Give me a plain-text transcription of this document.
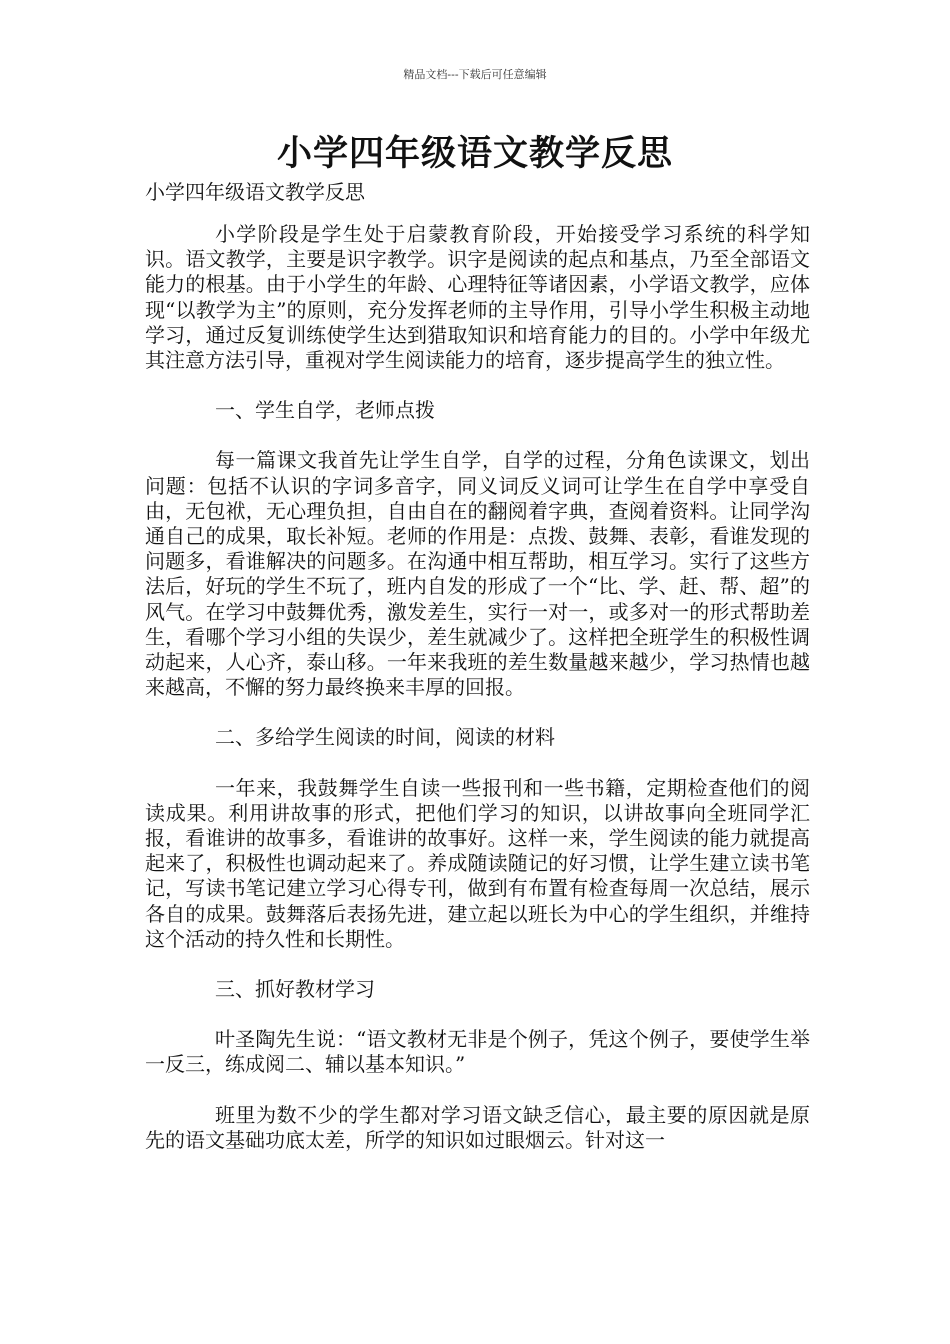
精品文档---下载后可任意编辑
小学四年级语文教学反思

小学四年级语文教学反思

小学阶段是学生处于启蒙教育阶段，开始接受学习系统的科学知识。语文教学，主要是识字教学。识字是阅读的起点和基点，乃至全部语文能力的根基。由于小学生的年龄、心理特征等诸因素，小学语文教学，应体现“以教学为主”的原则，充分发挥老师的主导作用，引导小学生积极主动地学习，通过反复训练使学生达到猎取知识和培育能力的目的。小学中年级尤其注意方法引导，重视对学生阅读能力的培育，逐步提高学生的独立性。

一、学生自学，老师点拨

每一篇课文我首先让学生自学，自学的过程，分角色读课文，划出问题：包括不认识的字词多音字，同义词反义词可让学生在自学中享受自由，无包袱，无心理负担，自由自在的翻阅着字典，查阅着资料。让同学沟通自己的成果，取长补短。老师的作用是：点拨、鼓舞、表彰，看谁发现的问题多，看谁解决的问题多。在沟通中相互帮助，相互学习。实行了这些方法后，好玩的学生不玩了，班内自发的形成了一个“比、学、赶、帮、超”的风气。在学习中鼓舞优秀，激发差生，实行一对一，或多对一的形式帮助差生，看哪个学习小组的失误少，差生就减少了。这样把全班学生的积极性调动起来，人心齐，泰山移。一年来我班的差生数量越来越少，学习热情也越来越高，不懈的努力最终换来丰厚的回报。

二、多给学生阅读的时间，阅读的材料

一年来，我鼓舞学生自读一些报刊和一些书籍，定期检查他们的阅读成果。利用讲故事的形式，把他们学习的知识，以讲故事向全班同学汇报，看谁讲的故事多，看谁讲的故事好。这样一来，学生阅读的能力就提高起来了，积极性也调动起来了。养成随读随记的好习惯，让学生建立读书笔记，写读书笔记建立学习心得专刊，做到有布置有检查每周一次总结，展示各自的成果。鼓舞落后表扬先进，建立起以班长为中心的学生组织，并维持这个活动的持久性和长期性。

三、抓好教材学习

叶圣陶先生说：“语文教材无非是个例子，凭这个例子，要使学生举一反三，练成阅二、辅以基本知识。”

班里为数不少的学生都对学习语文缺乏信心，最主要的原因就是原先的语文基础功底太差，所学的知识如过眼烟云。针对这一
